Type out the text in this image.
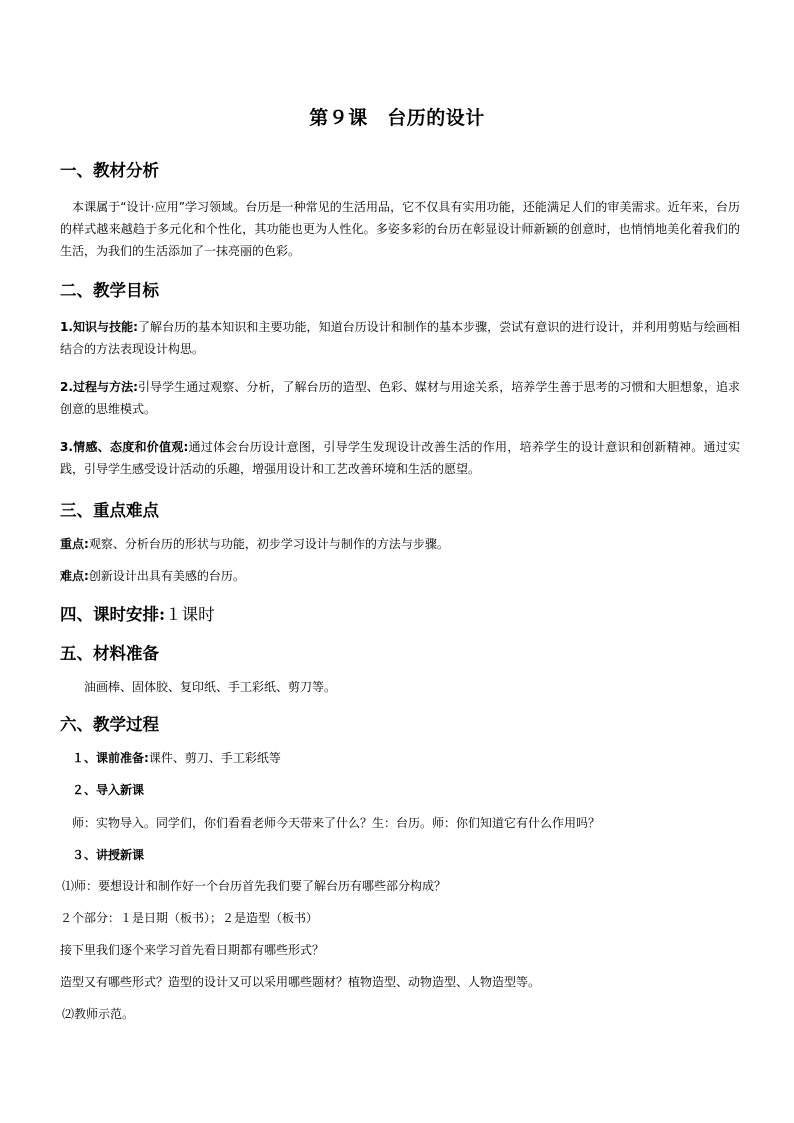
第９课　台历的设计
一、教材分析
本课属于“设计·应用”学习领域。台历是一种常见的生活用品，它不仅具有实用功能，还能满足人们的审美需求。近年来，台历的样式越来越趋于多元化和个性化，其功能也更为人性化。多姿多彩的台历在彰显设计师新颖的创意时，也悄悄地美化着我们的生活，为我们的生活添加了一抹亮丽的色彩。
二、教学目标
1.知识与技能:了解台历的基本知识和主要功能，知道台历设计和制作的基本步骤，尝试有意识的进行设计，并利用剪贴与绘画相结合的方法表现设计构思。
2.过程与方法:引导学生通过观察、分析，了解台历的造型、色彩、媒材与用途关系，培养学生善于思考的习惯和大胆想象，追求创意的思维模式。
3.情感、态度和价值观:通过体会台历设计意图，引导学生发现设计改善生活的作用，培养学生的设计意识和创新精神。通过实践，引导学生感受设计活动的乐趣，增强用设计和工艺改善环境和生活的愿望。
三、重点难点
重点:观察、分析台历的形状与功能，初步学习设计与制作的方法与步骤。
难点:创新设计出具有美感的台历。
四、课时安排:１课时
五、材料准备
油画棒、固体胶、复印纸、手工彩纸、剪刀等。
六、教学过程
１、课前准备:课件、剪刀、手工彩纸等
２、导入新课
师：实物导入。同学们，你们看看老师今天带来了什么？生：台历。师：你们知道它有什么作用吗？
３、讲授新课
⑴师：要想设计和制作好一个台历首先我们要了解台历有哪些部分构成？
２个部分：１是日期（板书）；２是造型（板书）
接下里我们逐个来学习首先看日期都有哪些形式？
造型又有哪些形式？造型的设计又可以采用哪些题材？植物造型、动物造型、人物造型等。
⑵教师示范。
